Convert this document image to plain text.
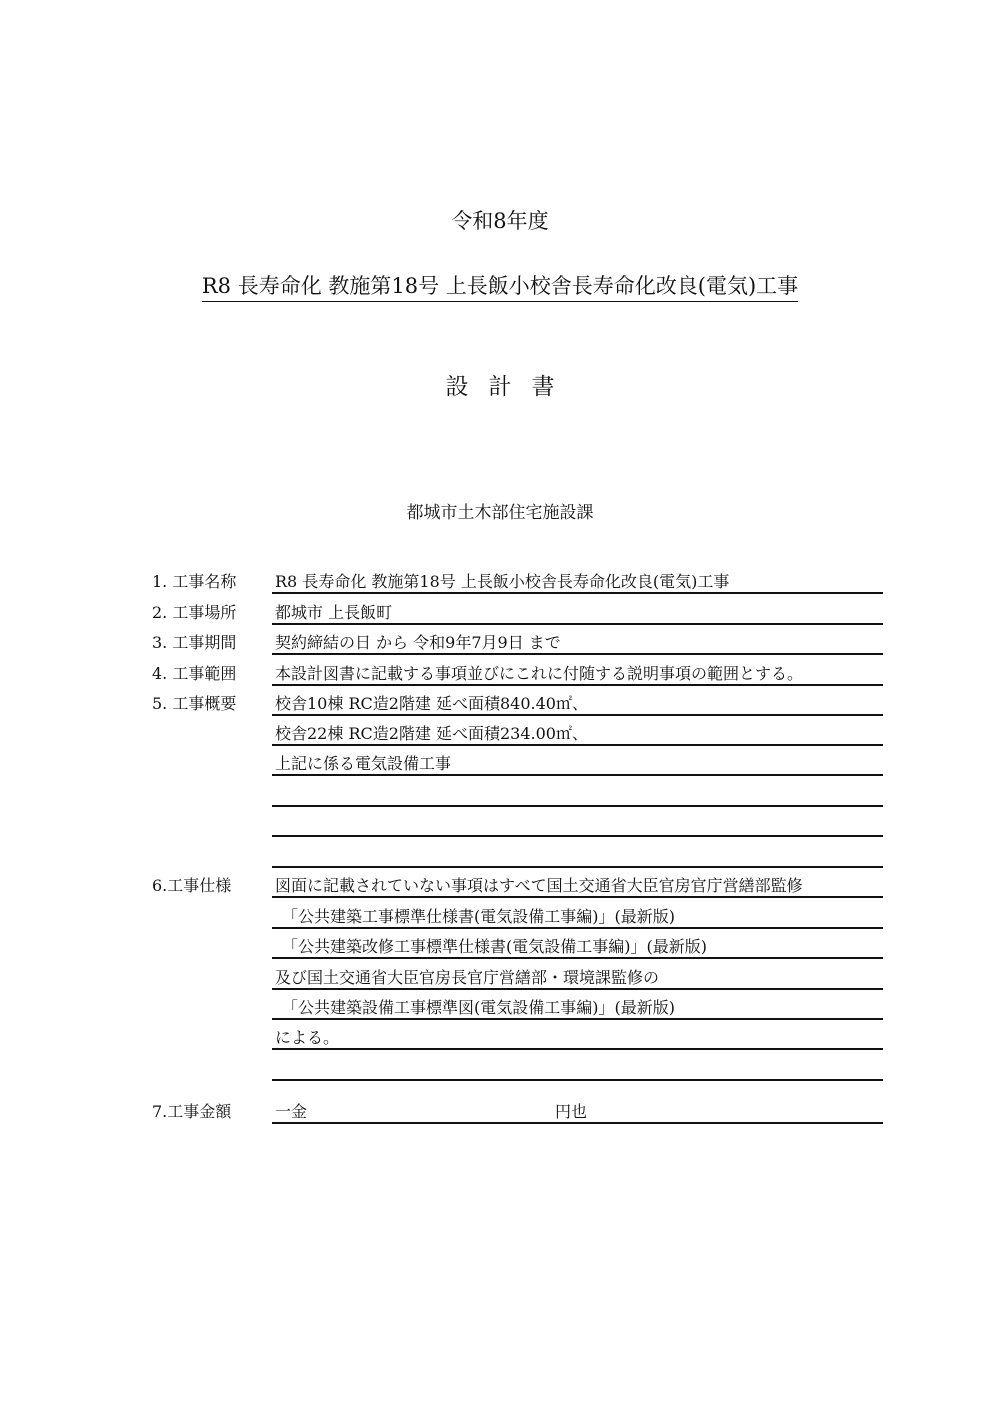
令和8年度
R8 長寿命化 教施第18号 上長飯小校舎長寿命化改良(電気)工事
設計書
都城市土木部住宅施設課
1. 工事名称 R8 長寿命化 教施第18号 上長飯小校舎長寿命化改良(電気)工事
2. 工事場所 都城市 上長飯町
3. 工事期間 契約締結の日 から 令和9年7月9日 まで
4. 工事範囲 本設計図書に記載する事項並びにこれに付随する説明事項の範囲とする。
5. 工事概要 校舎10棟 RC造2階建 延べ面積840.40㎡、
校舎22棟 RC造2階建 延べ面積234.00㎡、
上記に係る電気設備工事
6.工事仕様	図面に記載されていない事項はすべて国土交通省大臣官房官庁営繕部監修
「公共建築工事標準仕様書(電気設備工事編)」(最新版)
「公共建築改修工事標準仕様書(電気設備工事編)」(最新版)
及び国土交通省大臣官房長官庁営繕部・環境課監修の
「公共建築設備工事標準図(電気設備工事編)」(最新版)
による。
7.工事金額	一金	円也
